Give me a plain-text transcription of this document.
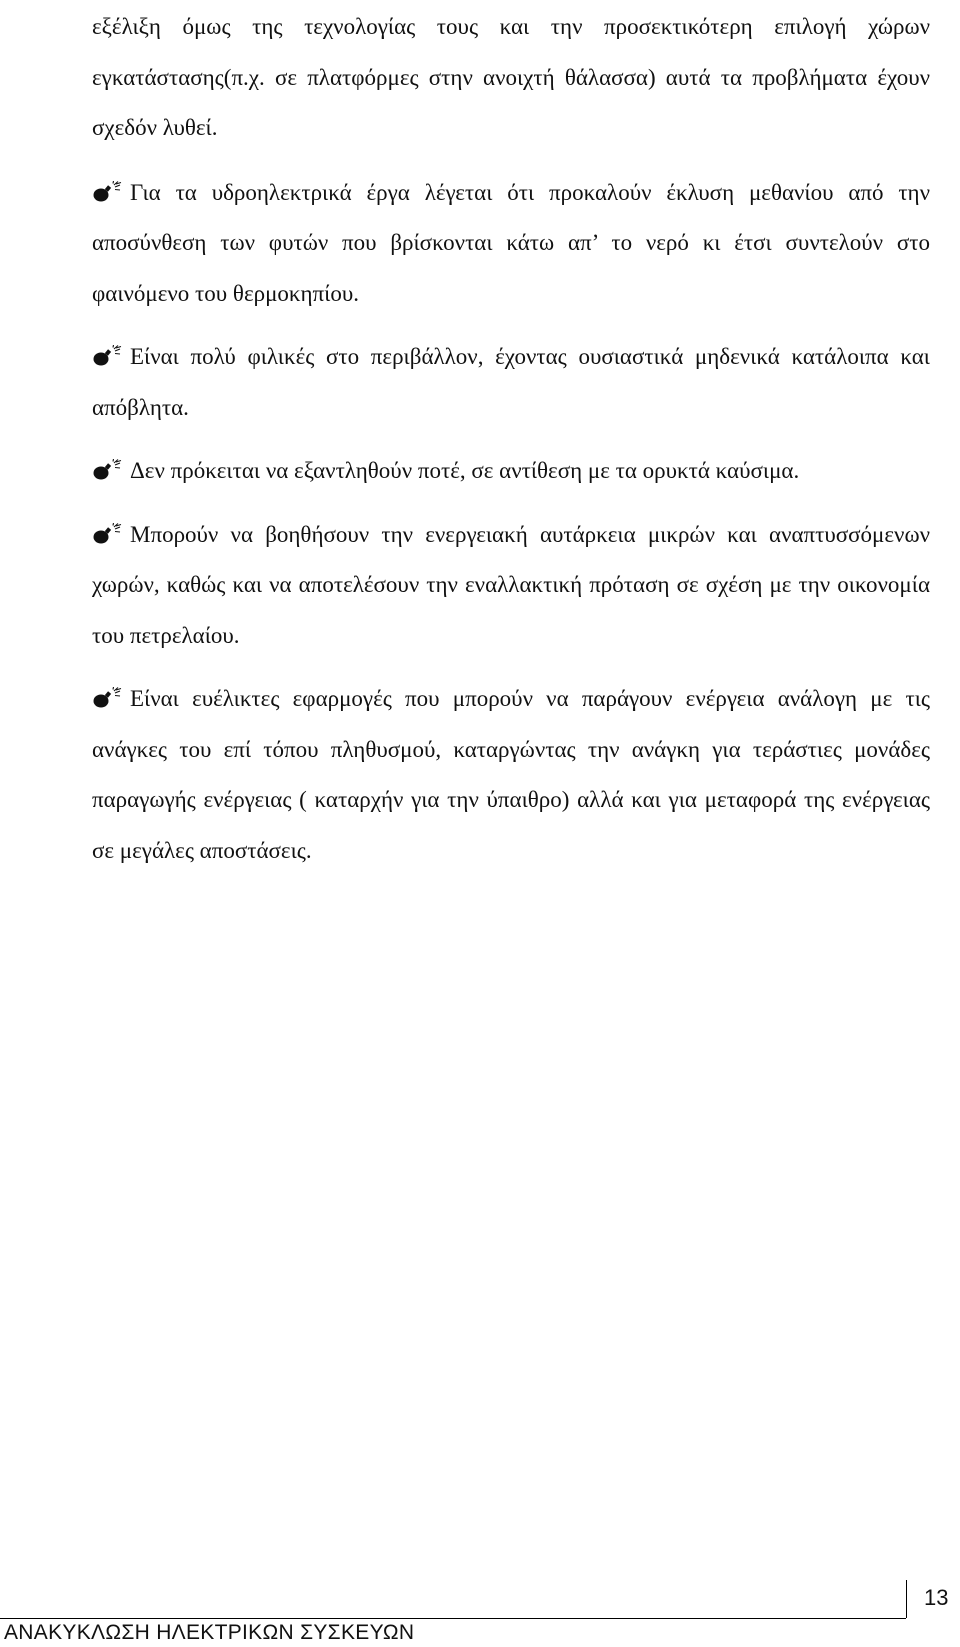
εξέλιξη όμως της τεχνολογίας τους και την προσεκτικότερη επιλογή χώρων εγκατάστασης(π.χ. σε πλατφόρμες στην ανοιχτή θάλασσα) αυτά τα προβλήματα έχουν σχεδόν λυθεί.

Για τα υδροηλεκτρικά έργα λέγεται ότι προκαλούν έκλυση μεθανίου από την αποσύνθεση των φυτών που βρίσκονται κάτω απ’ το νερό κι έτσι συντελούν στο φαινόμενο του θερμοκηπίου.

Είναι πολύ φιλικές στο περιβάλλον, έχοντας ουσιαστικά μηδενικά κατάλοιπα και απόβλητα.

Δεν πρόκειται να εξαντληθούν ποτέ, σε αντίθεση με τα ορυκτά καύσιμα.

Μπορούν να βοηθήσουν την ενεργειακή αυτάρκεια μικρών και αναπτυσσόμενων χωρών, καθώς και να αποτελέσουν την εναλλακτική πρόταση σε σχέση με την οικονομία του πετρελαίου.

Είναι ευέλικτες εφαρμογές που μπορούν να παράγουν ενέργεια ανάλογη με τις ανάγκες του επί τόπου πληθυσμού, καταργώντας την ανάγκη για τεράστιες μονάδες παραγωγής ενέργειας ( καταρχήν για την ύπαιθρο) αλλά και για μεταφορά της ενέργειας σε μεγάλες αποστάσεις.

13
ΑΝΑΚΥΚΛΩΣΗ ΗΛΕΚΤΡΙΚΩΝ ΣΥΣΚΕΥΩΝ
